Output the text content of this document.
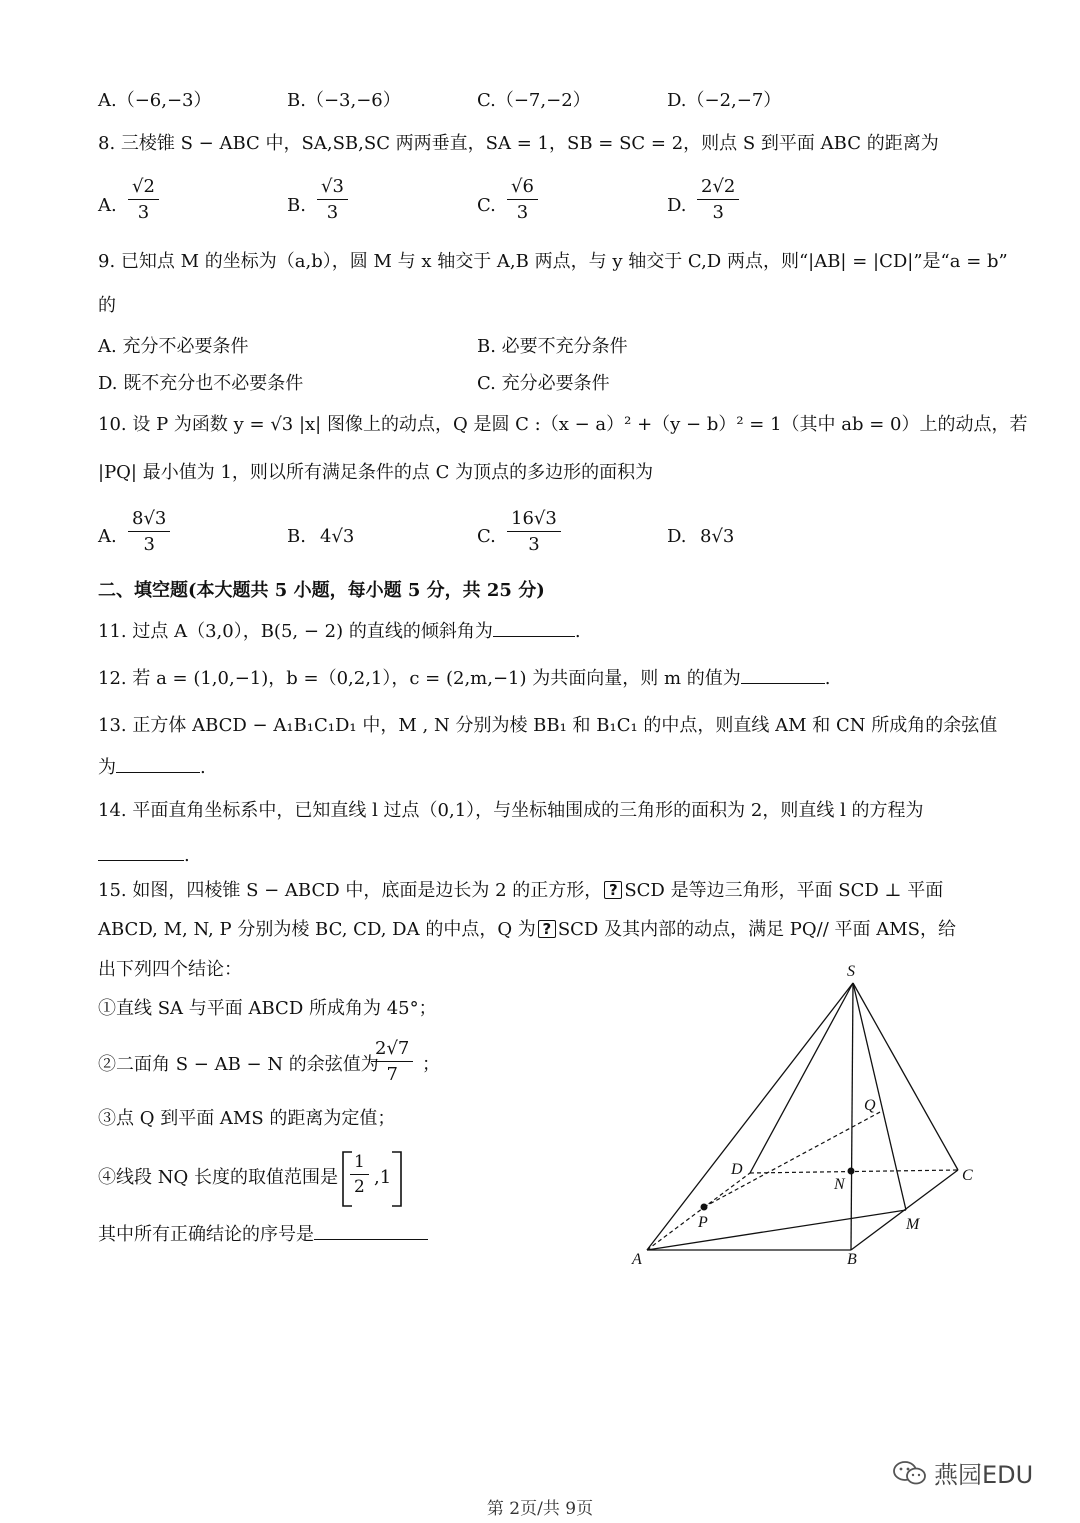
A.（−6,−3）	B.（−3,−6）	C.（−7,−2）	D.（−2,−7）
8. 三棱锥 S − ABC 中，SA,SB,SC 两两垂直，SA = 1，SB = SC = 2，则点 S 到平面 ABC 的距离为
A. $\frac{√2}{3}$	B. $\frac{√3}{3}$	C. $\frac{√6}{3}$	D. $\frac{2√2}{3}$
9. 已知点 M 的坐标为（a,b），圆 M 与 x 轴交于 A,B 两点，与 y 轴交于 C,D 两点，则“|AB| = |CD|”是“a = b”
的
A. 充分不必要条件	B. 必要不充分条件
D. 既不充分也不必要条件	C. 充分必要条件
10. 设 P 为函数 y = √3 |x| 图像上的动点，Q 是圆 C :（x − a）² +（y − b）² = 1（其中 ab = 0）上的动点，若
|PQ| 最小值为 1，则以所有满足条件的点 C 为顶点的多边形的面积为
A. $\frac{8√3}{3}$	B. 4√3	C. $\frac{16√3}{3}$	D. 8√3
二、填空题(本大题共 5 小题，每小题 5 分，共 25 分)
11. 过点 A（3,0），B(5, − 2) 的直线的倾斜角为	.
12. 若 a = (1,0,−1)，b =（0,2,1），c = (2,m,−1) 为共面向量，则 m 的值为	.
13. 正方体 ABCD − A₁B₁C₁D₁ 中，M , N 分别为棱 BB₁ 和 B₁C₁ 的中点，则直线 AM 和 CN 所成角的余弦值
为	.
14. 平面直角坐标系中，已知直线 l 过点（0,1），与坐标轴围成的三角形的面积为 2，则直线 l 的方程为
.
15. 如图，四棱锥 S − ABCD 中，底面是边长为 2 的正方形， ? SCD 是等边三角形，平面 SCD ⊥ 平面
ABCD, M, N, P 分别为棱 BC, CD, DA 的中点，Q 为 ? SCD 及其内部的动点，满足 PQ// 平面 AMS，给
出下列四个结论：
①直线 SA 与平面 ABCD 所成角为 45°；
②二面角 S − AB − N 的余弦值为
$\frac{2√7}{7}$ ；
③点 Q 到平面 AMS 的距离为定值；
④线段 NQ 长度的取值范围是 $\frac{1}{2} ,1$
其中所有正确结论的序号是
S
Q
D
N
C
P	M
A	B
燕园EDU
第 2页/共 9页
